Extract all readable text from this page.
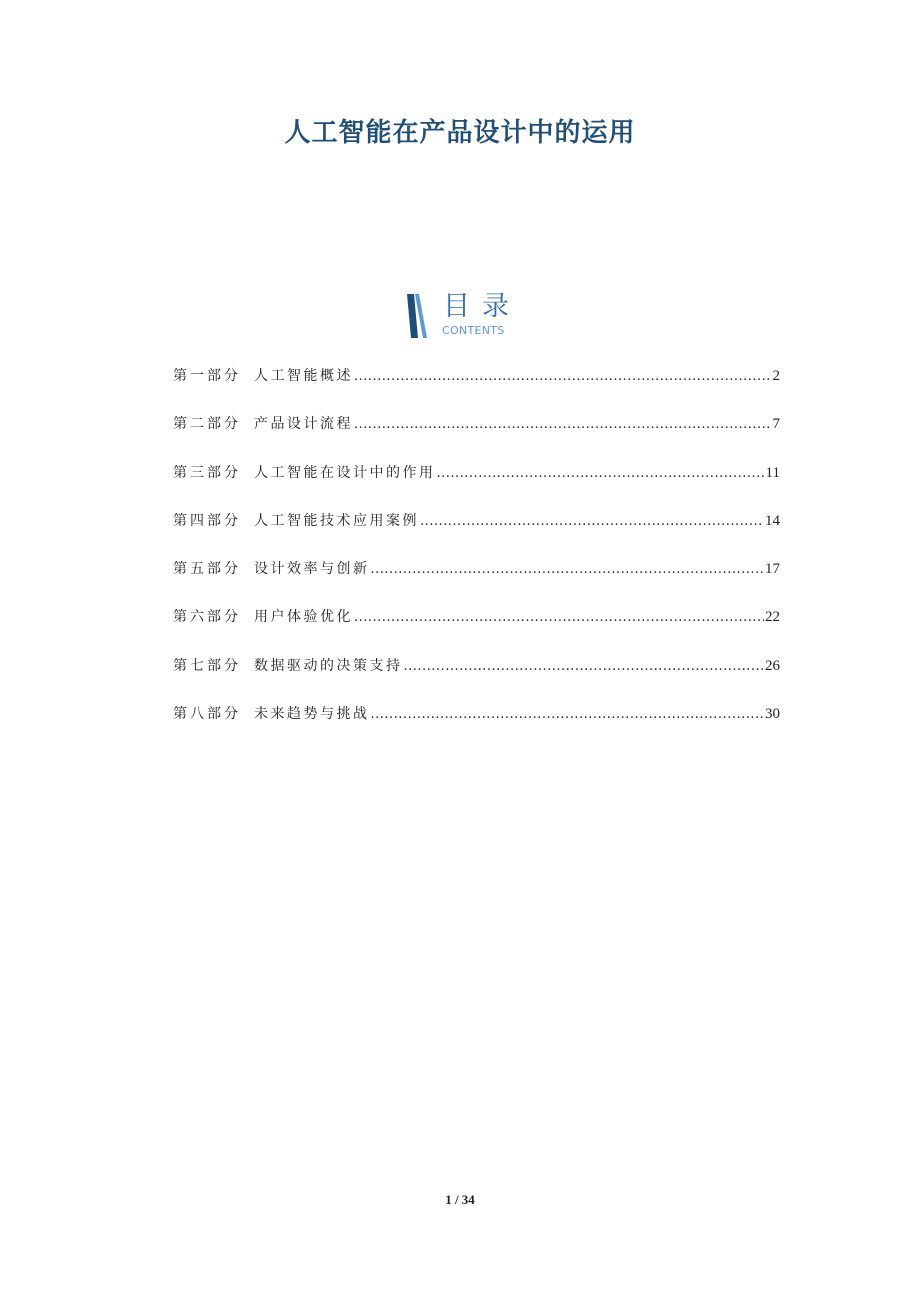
人工智能在产品设计中的运用
目录
CONTENTS
第一部分 人工智能概述 .....	2
第二部分 产品设计流程 .....	7
第三部分 人工智能在设计中的作用 .....	11
第四部分 人工智能技术应用案例 .....	14
第五部分 设计效率与创新 .....	17
第六部分 用户体验优化 .....	22
第七部分 数据驱动的决策支持 .....	26
第八部分 未来趋势与挑战 .....	30
1 / 34
